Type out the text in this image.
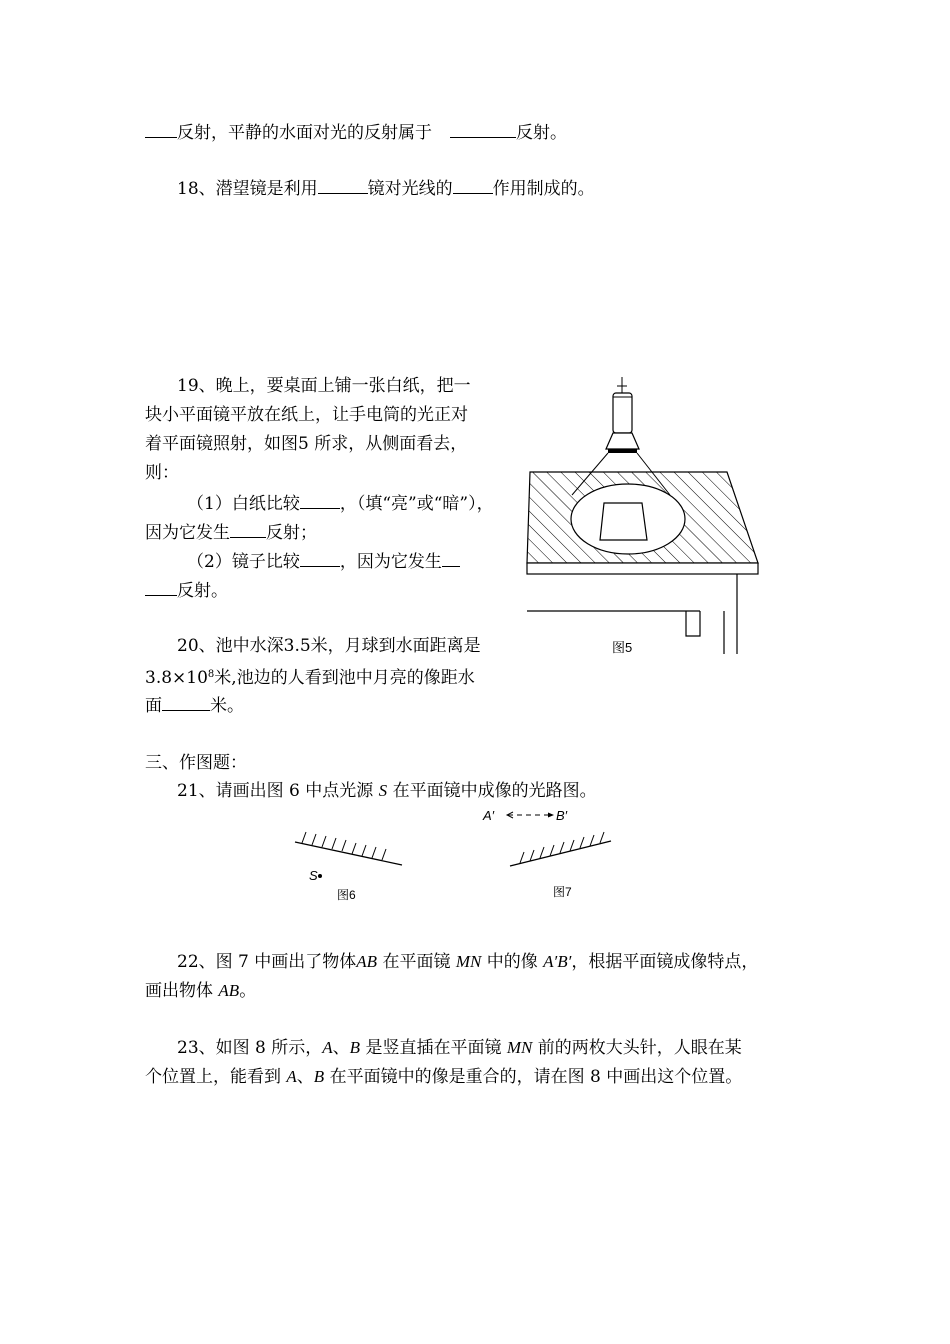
反射，平静的水面对光的反射属于	反射。
18、潜望镜是利用	镜对光线的 作用制成的。
19、晚上，要桌面上铺一张白纸，把一
块小平面镜平放在纸上，让手电筒的光正对
着平面镜照射，如图5 所求，从侧面看去，
则：
（1）白纸比较 ，（填“亮”或“暗”），
因为它发生 反射；
（2）镜子比较 ，因为它发生
反射。
20、池中水深3.5米，月球到水面距离是
$3.8\times 10^8$米,池边的人看到池中月亮的像距水
面	米。
三、作图题：
21、请画出图 6 中点光源 S 在平面镜中成像的光路图。
22、图 7 中画出了物体AB 在平面镜 MN 中的像 A′B′，根据平面镜成像特点，
画出物体 AB。
23、如图 8 所示，A、B 是竖直插在平面镜 MN 前的两枚大头针，人眼在某
个位置上，能看到 A、B 在平面镜中的像是重合的，请在图 8 中画出这个位置。
图5
S
图6
A′	B′
图7
